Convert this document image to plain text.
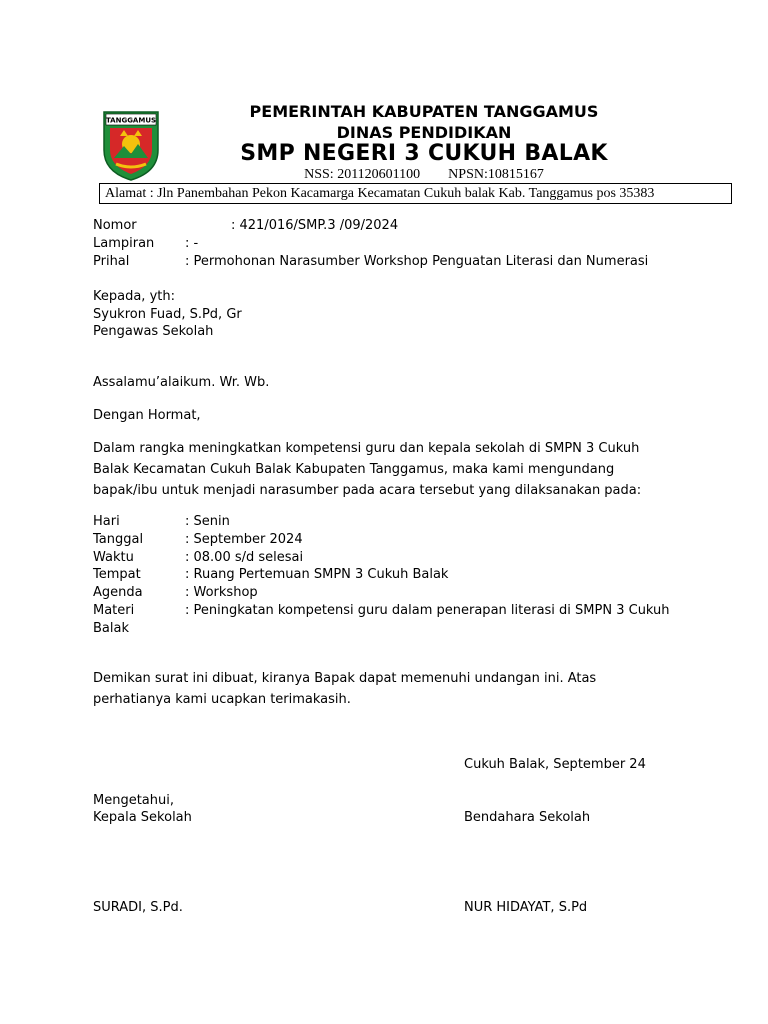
TANGGAMUS	PEMERINTAH KABUPATEN TANGGAMUS
DINAS PENDIDIKAN
SMP NEGERI 3 CUKUH BALAK
NSS: 201120601100 NPSN:10815167
Alamat : Jln Panembahan Pekon Kacamarga Kecamatan Cukuh balak Kab. Tanggamus pos 35383
Nomor	: 421/016/SMP.3 /09/2024
Lampiran : -
Prihal	: Permohonan Narasumber Workshop Penguatan Literasi dan Numerasi
Kepada, yth:
Syukron Fuad, S.Pd, Gr
Pengawas Sekolah
Assalamu’alaikum. Wr. Wb.
Dengan Hormat,
Dalam rangka meningkatkan kompetensi guru dan kepala sekolah di SMPN 3 Cukuh Balak Kecamatan Cukuh Balak Kabupaten Tanggamus, maka kami mengundang bapak/ibu untuk menjadi narasumber pada acara tersebut yang dilaksanakan pada:
Hari	: Senin
Tanggal	: September 2024
Waktu	: 08.00 s/d selesai
Tempat	: Ruang Pertemuan SMPN 3 Cukuh Balak
Agenda	: Workshop
Materi	: Peningkatan kompetensi guru dalam penerapan literasi di SMPN 3 Cukuh
Balak
Demikan surat ini dibuat, kiranya Bapak dapat memenuhi undangan ini. Atas perhatianya kami ucapkan terimakasih.
Cukuh Balak, September 24
Mengetahui,
Kepala Sekolah	Bendahara Sekolah
SURADI, S.Pd.	NUR HIDAYAT, S.Pd
